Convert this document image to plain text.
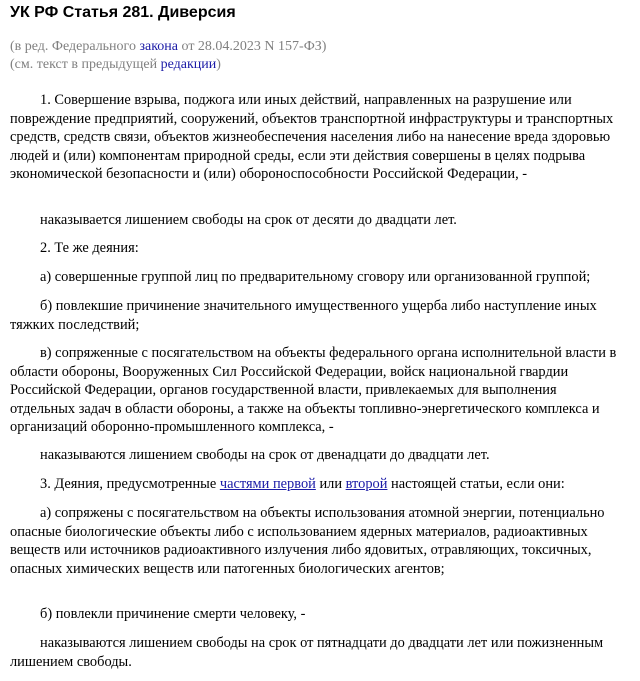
УК РФ Статья 281. Диверсия
(в ред. Федерального закона от 28.04.2023 N 157-ФЗ)
(см. текст в предыдущей редакции)

1. Совершение взрыва, поджога или иных действий, направленных на разрушение или повреждение предприятий, сооружений, объектов транспортной инфраструктуры и транспортных средств, средств связи, объектов жизнеобеспечения населения либо на нанесение вреда здоровью людей и (или) компонентам природной среды, если эти действия совершены в целях подрыва экономической безопасности и (или) обороноспособности Российской Федерации, -

наказывается лишением свободы на срок от десяти до двадцати лет.

2. Те же деяния:

а) совершенные группой лиц по предварительному сговору или организованной группой;

б) повлекшие причинение значительного имущественного ущерба либо наступление иных тяжких последствий;

в) сопряженные с посягательством на объекты федерального органа исполнительной власти в области обороны, Вооруженных Сил Российской Федерации, войск национальной гвардии Российской Федерации, органов государственной власти, привлекаемых для выполнения отдельных задач в области обороны, а также на объекты топливно-энергетического комплекса и организаций оборонно-промышленного комплекса, -

наказываются лишением свободы на срок от двенадцати до двадцати лет.

3. Деяния, предусмотренные частями первой или второй настоящей статьи, если они:

а) сопряжены с посягательством на объекты использования атомной энергии, потенциально опасные биологические объекты либо с использованием ядерных материалов, радиоактивных веществ или источников радиоактивного излучения либо ядовитых, отравляющих, токсичных, опасных химических веществ или патогенных биологических агентов;

б) повлекли причинение смерти человеку, -

наказываются лишением свободы на срок от пятнадцати до двадцати лет или пожизненным лишением свободы.
